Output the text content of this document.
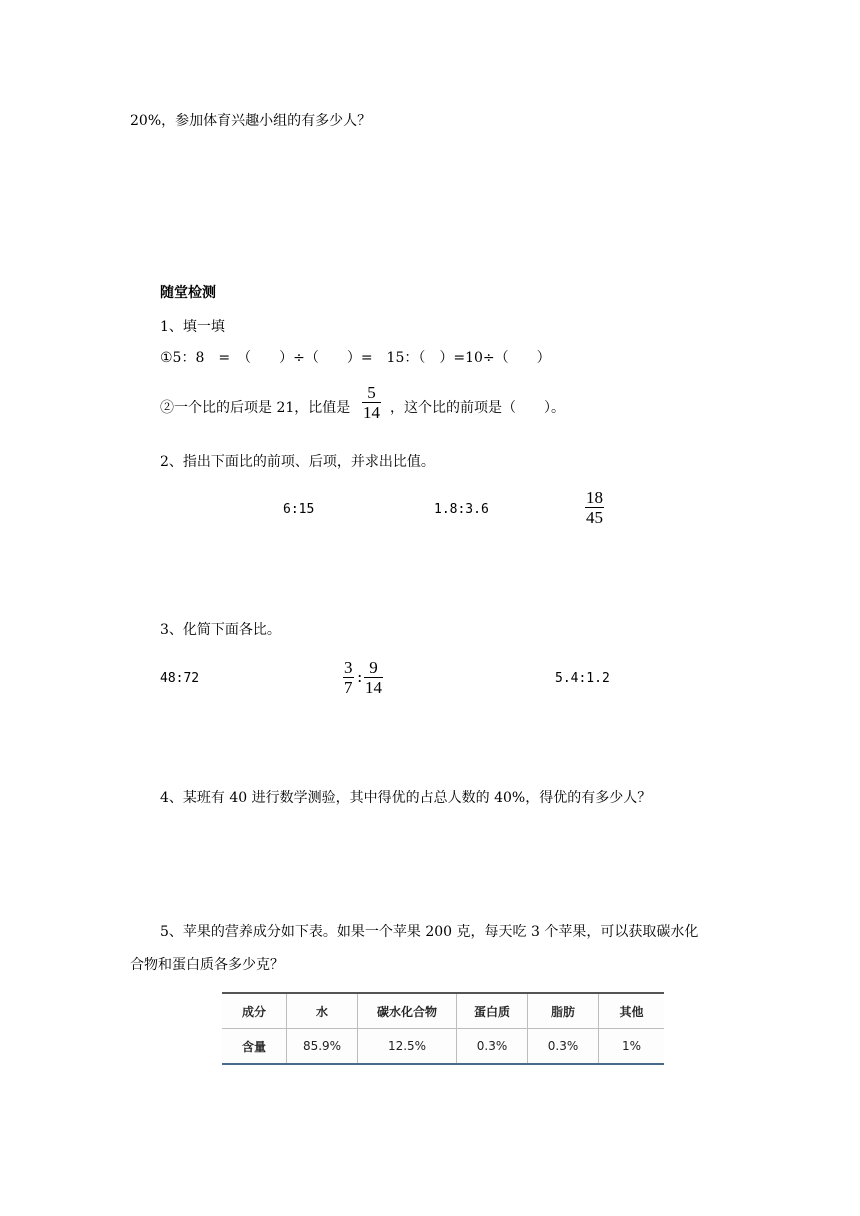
20%，参加体育兴趣小组的有多少人？
随堂检测
1、填一填
①5：8　=　（　　）÷（　　）=　15：（　）=10÷（　　）
②一个比的后项是 21，比值是
5
14 ，这个比的前项是（　　）。
2、指出下面比的前项、后项，并求出比值。
6:15	1.8:3.6
18
45
3、化简下面各比。
48:72
3
7
: 9
14	5.4:1.2
4、某班有 40 进行数学测验，其中得优的占总人数的 40%，得优的有多少人？
5、苹果的营养成分如下表。如果一个苹果 200 克，每天吃 3 个苹果，可以获取碳水化
合物和蛋白质各多少克？
成分	水	碳水化合物	蛋白质	脂肪	其他
含量	85.9%	12.5%	0.3%	0.3%	1%
